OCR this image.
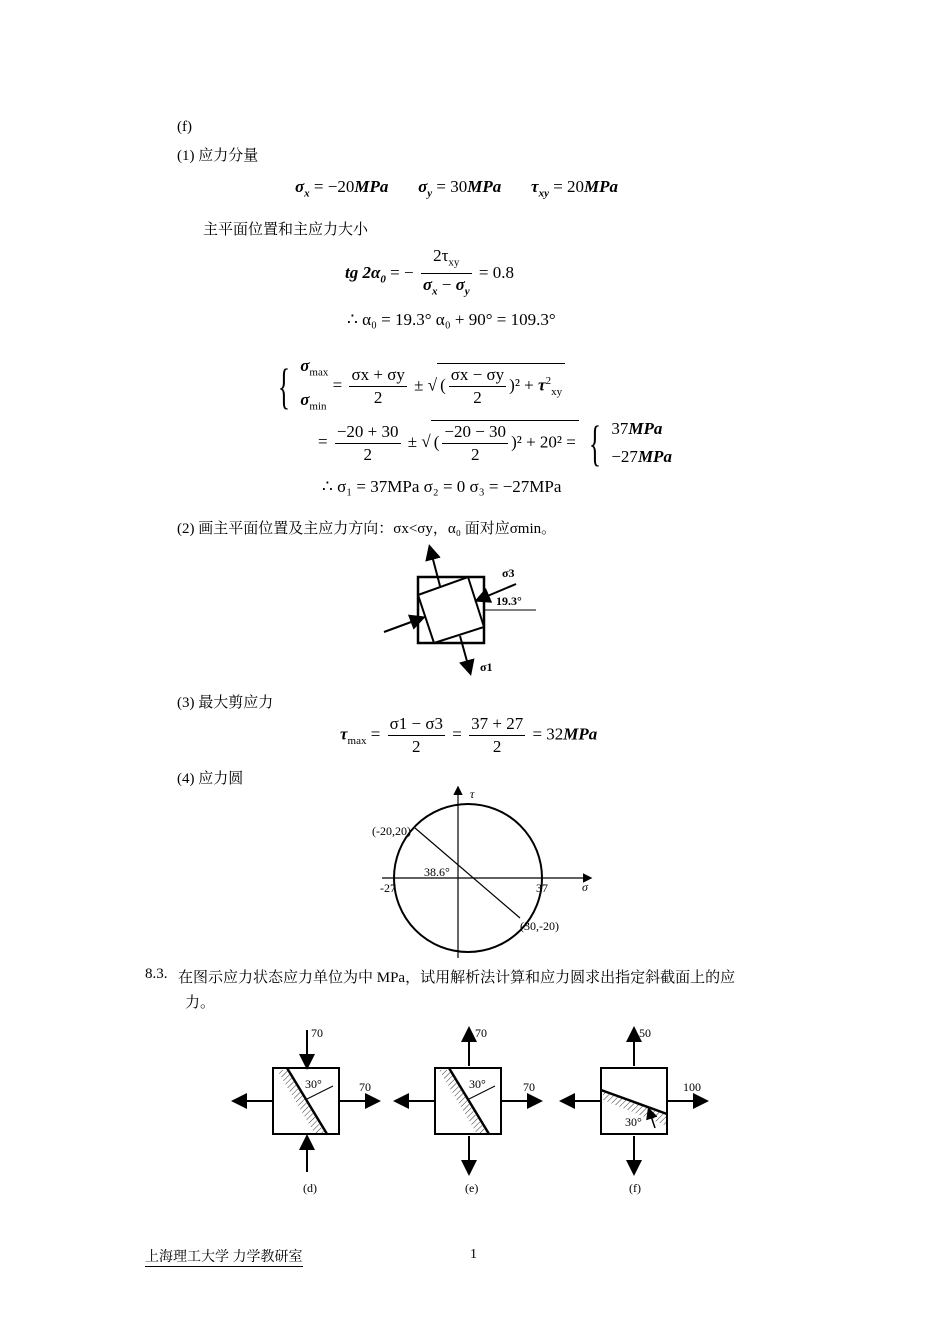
(f)
(1) 应力分量
$\sigma_x = -20MPa$ $\sigma_y = 30MPa$ $\tau_{xy} = 20MPa$
主平面位置和主应力大小
tg $2\alpha_0$ = − $\frac{2\tau_{xy}}{\sigma_x - \sigma_y} = 0.8$
∴ α₀ = 19.3° α₀ + 90° = 109.3°
{ $\sigma_{max}$
$\sigma_{min} = \frac{\sigma x + \sigma y}{2}$ ± √ ( $\frac{\sigma x - \sigma y}{2} )^2 + \tau^2_{xy}$
= $\frac{-20 + 30}{2}$ ± √ ( $\frac{-20 - 30}{2} )^2 + 20^2$ = { 37MPa
−27MPa
∴ σ₁ = 37MPa σ₂ = 0 σ₃ = −27MPa
(2) 画主平面位置及主应力方向：σx<σy，α₀ 面对应σmin。
σ3
19.3°
σ1
(3) 最大剪应力
$\tau_{max} = \frac{\sigma 1 - \sigma 3}{2} = \frac{37 + 27}{2} = 32MPa$
(4) 应力圆
τ
σ
(-20,20)
(30,-20)
38.6°
-27	37
8.3. 在图示应力状态应力单位为中 MPa，试用解析法计算和应力圆求出指定斜截面上的应
力。
70
70
30°
(d)
70
70
30°
(e)
50
100
30°
(f)
上海理工大学 力学教研室	1
